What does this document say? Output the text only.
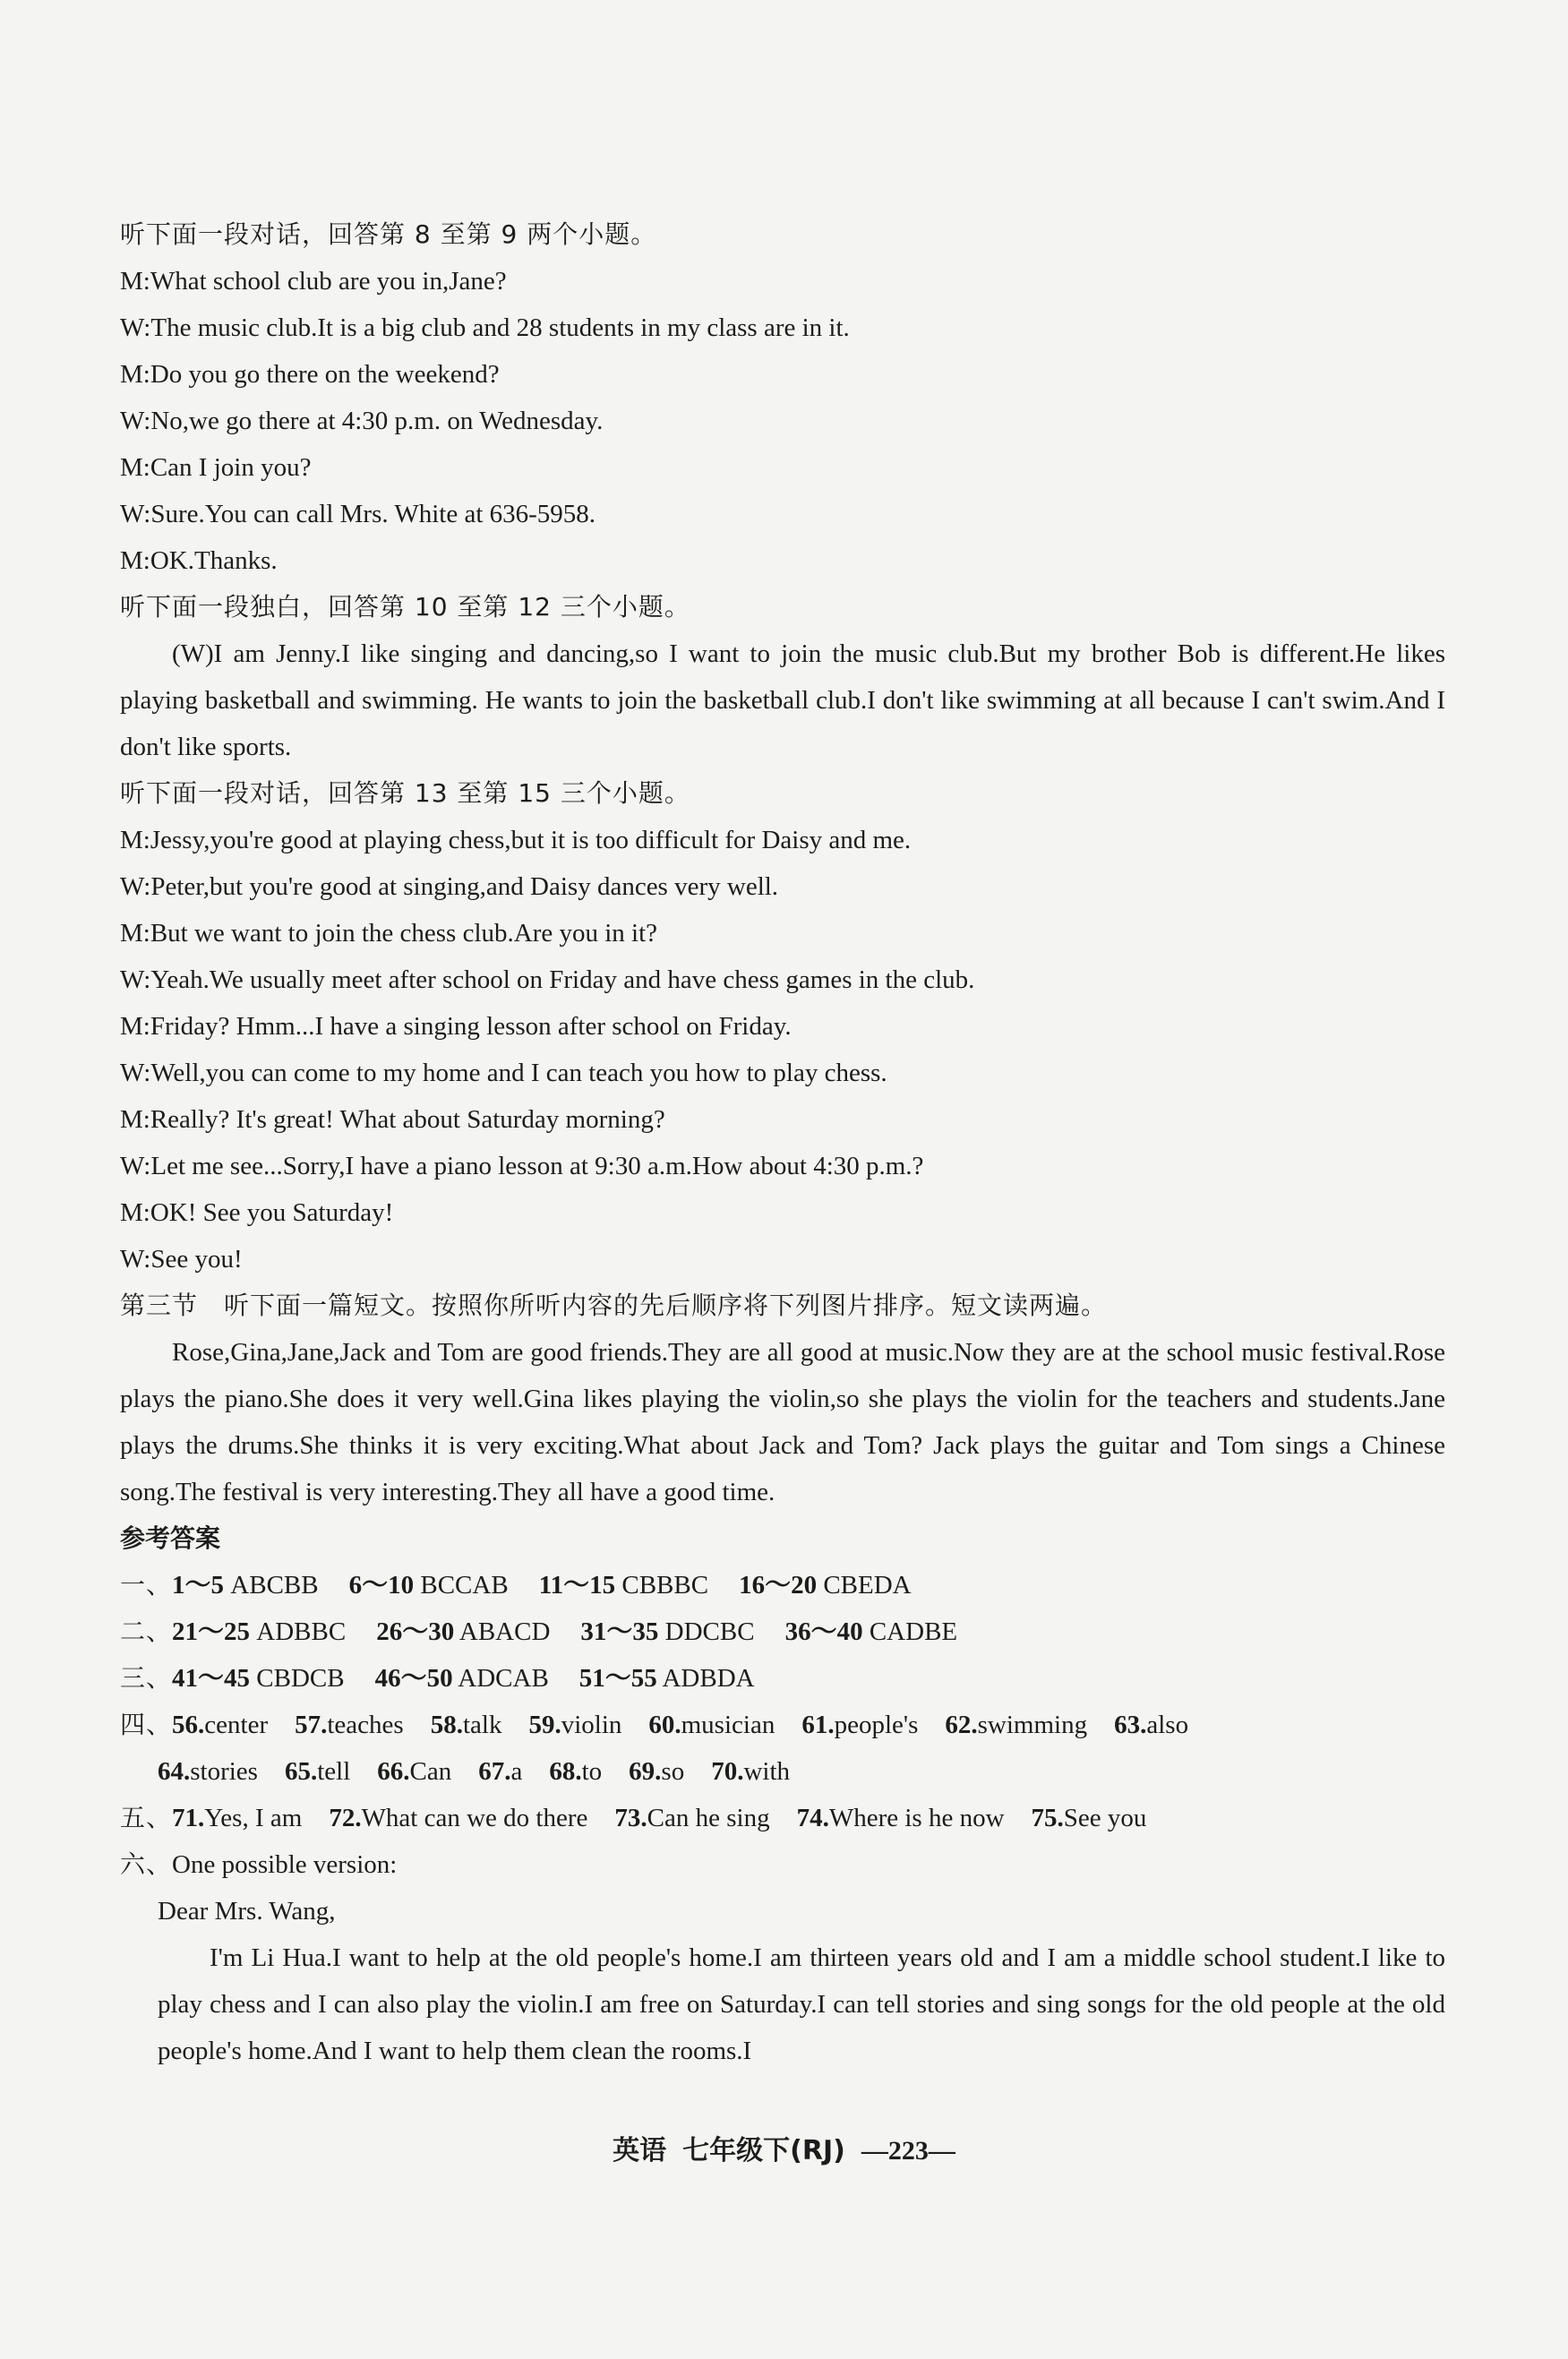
听下面一段对话，回答第 8 至第 9 两个小题。
M:What school club are you in,Jane?
W:The music club.It is a big club and 28 students in my class are in it.
M:Do you go there on the weekend?
W:No,we go there at 4:30 p.m. on Wednesday.
M:Can I join you?
W:Sure.You can call Mrs. White at 636-5958.
M:OK.Thanks.
听下面一段独白，回答第 10 至第 12 三个小题。

(W)I am Jenny.I like singing and dancing,so I want to join the music club.But my brother Bob is different.He likes playing basketball and swimming. He wants to join the basketball club.I don't like swimming at all because I can't swim.And I don't like sports.

听下面一段对话，回答第 13 至第 15 三个小题。
M:Jessy,you're good at playing chess,but it is too difficult for Daisy and me.
W:Peter,but you're good at singing,and Daisy dances very well.
M:But we want to join the chess club.Are you in it?
W:Yeah.We usually meet after school on Friday and have chess games in the club.
M:Friday? Hmm...I have a singing lesson after school on Friday.
W:Well,you can come to my home and I can teach you how to play chess.
M:Really? It's great! What about Saturday morning?
W:Let me see...Sorry,I have a piano lesson at 9:30 a.m.How about 4:30 p.m.?
M:OK! See you Saturday!
W:See you!
第三节　听下面一篇短文。按照你所听内容的先后顺序将下列图片排序。短文读两遍。

Rose,Gina,Jane,Jack and Tom are good friends.They are all good at music.Now they are at the school music festival.Rose plays the piano.She does it very well.Gina likes playing the violin,so she plays the violin for the teachers and students.Jane plays the drums.She thinks it is very exciting.What about Jack and Tom? Jack plays the guitar and Tom sings a Chinese song.The festival is very interesting.They all have a good time.

参考答案
一、1～5 ABCBB 6～10 BCCAB 11～15 CBBBC 16～20 CBEDA
二、21～25 ADBBC 26～30 ABACD 31～35 DDCBC 36～40 CADBE
三、41～45 CBDCB 46～50 ADCAB 51～55 ADBDA
四、56.center 57.teaches 58.talk 59.violin 60.musician 61.people's 62.swimming 63.also
64.stories 65.tell 66.Can 67.a 68.to 69.so 70.with
五、71.Yes, I am 72.What can we do there 73.Can he sing 74.Where is he now 75.See you
六、One possible version:
Dear Mrs. Wang,

I'm Li Hua.I want to help at the old people's home.I am thirteen years old and I am a middle school student.I like to play chess and I can also play the violin.I am free on Saturday.I can tell stories and sing songs for the old people at the old people's home.And I want to help them clean the rooms.I

英语 七年级下(RJ) —223—
